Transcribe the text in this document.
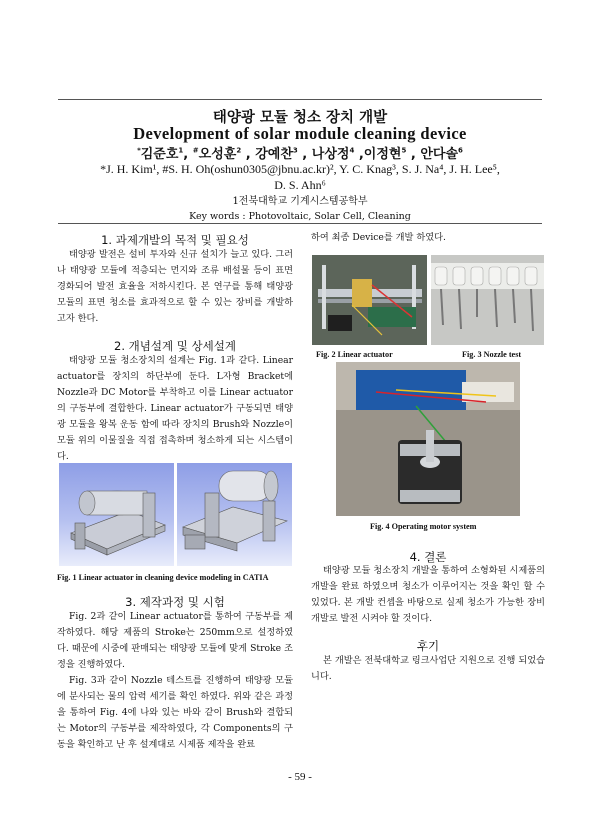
태양광 모듈 청소 장치 개발
Development of solar module cleaning device
*김준호$^1$, #오성훈$^2$ , 강예찬$^3$ , 나상정$^4$ ,이정현$^5$ , 안다솔$^6$
*J. H. Kim¹, #S. H. Oh(oshun0305@jbnu.ac.kr)², Y. C. Knag³, S. J. Na⁴, J. H. Lee⁵,
D. S. Ahn⁶
1전북대학교 기계시스템공학부
Key words : Photovoltaic, Solar Cell, Cleaning
1. 과제개발의 목적 및 필요성

태양광 발전은 설비 투자와 신규 설치가 늘고 있다. 그러나 태양광 모듈에 적층되는 먼지와 조류 배설물 등이 표면 경화되어 발전 효율을 저하시킨다. 본 연구를 통해 태양광 모듈의 표면 청소를 효과적으로 할 수 있는 장비를 개발하고자 한다.

2. 개념설계 및 상세설계

태양광 모듈 청소장치의 설계는 Fig. 1과 같다. Linear actuator를 장치의 하단부에 둔다. L자형 Bracket에 Nozzle과 DC Motor를 부착하고 이를 Linear actuator의 구동부에 결합한다. Linear actuator가 구동되면 태양광 모듈을 왕복 운동 함에 따라 장치의 Brush와 Nozzle이 모듈 위의 이물질을 직접 접촉하며 청소하게 되는 시스템이다.

Fig. 1 Linear actuator in cleaning device modeling in CATIA
3. 제작과정 및 시험

Fig. 2과 같이 Linear actuator를 통하여 구동부를 제작하였다. 해당 제품의 Stroke는 250mm으로 설정하였다. 때문에 시중에 판매되는 태양광 모듈에 맞게 Stroke 조정을 진행하였다.

Fig. 3과 같이 Nozzle 테스트를 진행하여 태양광 모듈에 분사되는 물의 압력 세기를 확인 하였다. 위와 같은 과정을 통하여 Fig. 4에 나와 있는 바와 같이 Brush와 결합되는 Motor의 구동부를 제작하였다, 각 Components의 구동을 확인하고 난 후 설계대로 시제품 제작을 완료

하여 최종 Device를 개발 하였다.

Fig. 2 Linear actuator	Fig. 3 Nozzle test
Fig. 4 Operating motor system
4. 결론

태양광 모듈 청소장치 개발을 통하여 소형화된 시제품의 개발을 완료 하였으며 청소가 이루어지는 것을 확인 할 수 있었다. 본 개발 컨셉을 바탕으로 실제 청소가 가능한 장비 개발로 발전 시켜야 할 것이다.

후기

본 개발은 전북대학교 링크사업단 지원으로 진행 되었습니다.

- 59 -
